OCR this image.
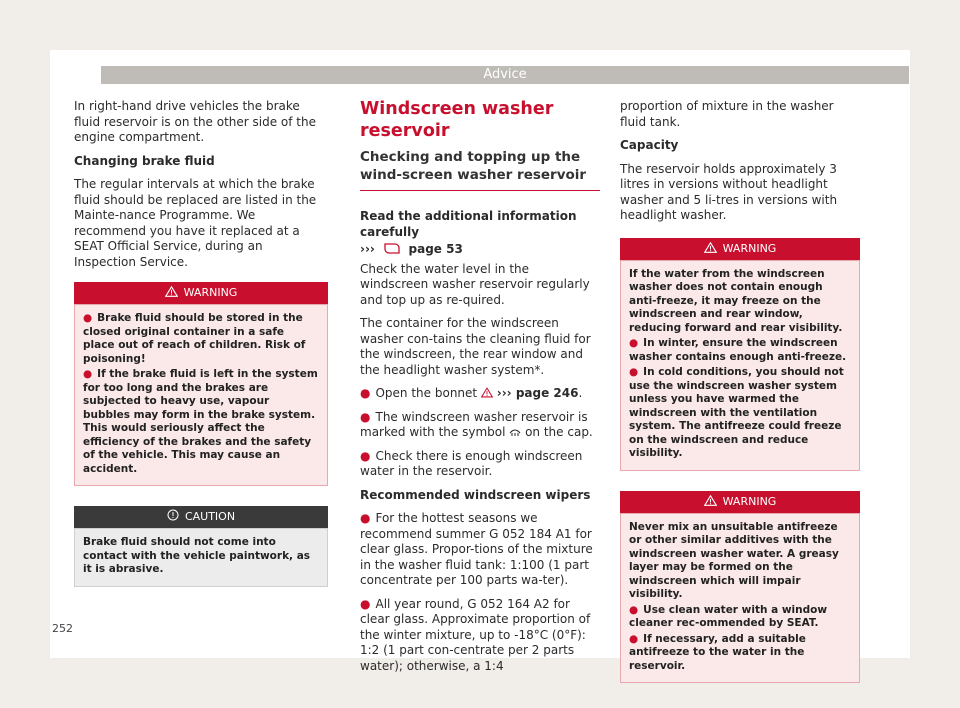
Advice

In right-hand drive vehicles the brake fluid reservoir is on the other side of the engine compartment.

Changing brake fluid

The regular intervals at which the brake fluid should be replaced are listed in the Mainte-nance Programme. We recommend you have it replaced at a SEAT Official Service, during an Inspection Service.

WARNING

● Brake fluid should be stored in the closed original container in a safe place out of reach of children. Risk of poisoning!

● If the brake fluid is left in the system for too long and the brakes are subjected to heavy use, vapour bubbles may form in the brake system. This would seriously affect the efficiency of the brakes and the safety of the vehicle. This may cause an accident.

CAUTION

Brake fluid should not come into contact with the vehicle paintwork, as it is abrasive.

Windscreen washer reservoir
Checking and topping up the wind-screen washer reservoir

Read the additional information carefully

›››	page 53

Check the water level in the windscreen washer reservoir regularly and top up as re-quired.

The container for the windscreen washer con-tains the cleaning fluid for the windscreen, the rear window and the headlight washer system*.

● Open the bonnet ››› page 246.

● The windscreen washer reservoir is marked with the symbol on the cap.

● Check there is enough windscreen water in the reservoir.

Recommended windscreen wipers

● For the hottest seasons we recommend summer G 052 184 A1 for clear glass. Propor-tions of the mixture in the washer fluid tank: 1:100 (1 part concentrate per 100 parts wa-ter).

● All year round, G 052 164 A2 for clear glass. Approximate proportion of the winter mixture, up to -18°C (0°F): 1:2 (1 part con-centrate per 2 parts water); otherwise, a 1:4

proportion of mixture in the washer fluid tank.

Capacity

The reservoir holds approximately 3 litres in versions without headlight washer and 5 li-tres in versions with headlight washer.

WARNING

If the water from the windscreen washer does not contain enough anti-freeze, it may freeze on the windscreen and rear window, reducing forward and rear visibility.

● In winter, ensure the windscreen washer contains enough anti-freeze.

● In cold conditions, you should not use the windscreen washer system unless you have warmed the windscreen with the ventilation system. The antifreeze could freeze on the windscreen and reduce visibility.

WARNING

Never mix an unsuitable antifreeze or other similar additives with the windscreen washer water. A greasy layer may be formed on the windscreen which will impair visibility.

● Use clean water with a window cleaner rec-ommended by SEAT.

● If necessary, add a suitable antifreeze to the water in the reservoir.

252
